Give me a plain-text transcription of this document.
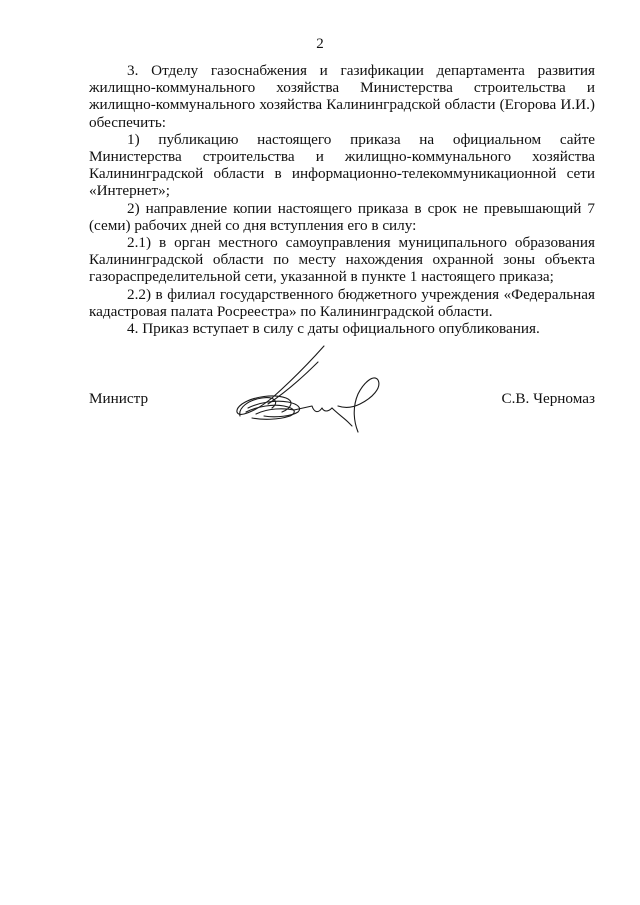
2

3. Отделу газоснабжения и газификации департамента развития жилищно-коммунального хозяйства Министерства строительства и жилищно-коммунального хозяйства Калининградской области (Егорова И.И.) обеспечить:

1) публикацию настоящего приказа на официальном сайте Министерства строительства и жилищно-коммунального хозяйства Калининградской области в информационно-телекоммуникационной сети «Интернет»;

2) направление копии настоящего приказа в срок не превышающий 7 (семи) рабочих дней со дня вступления его в силу:

2.1) в орган местного самоуправления муниципального образования Калининградской области по месту нахождения охранной зоны объекта газораспределительной сети, указанной в пункте 1 настоящего приказа;

2.2) в филиал государственного бюджетного учреждения «Федеральная кадастровая палата Росреестра» по Калининградской области.

4. Приказ вступает в силу с даты официального опубликования.

Министр	С.В. Черномаз
